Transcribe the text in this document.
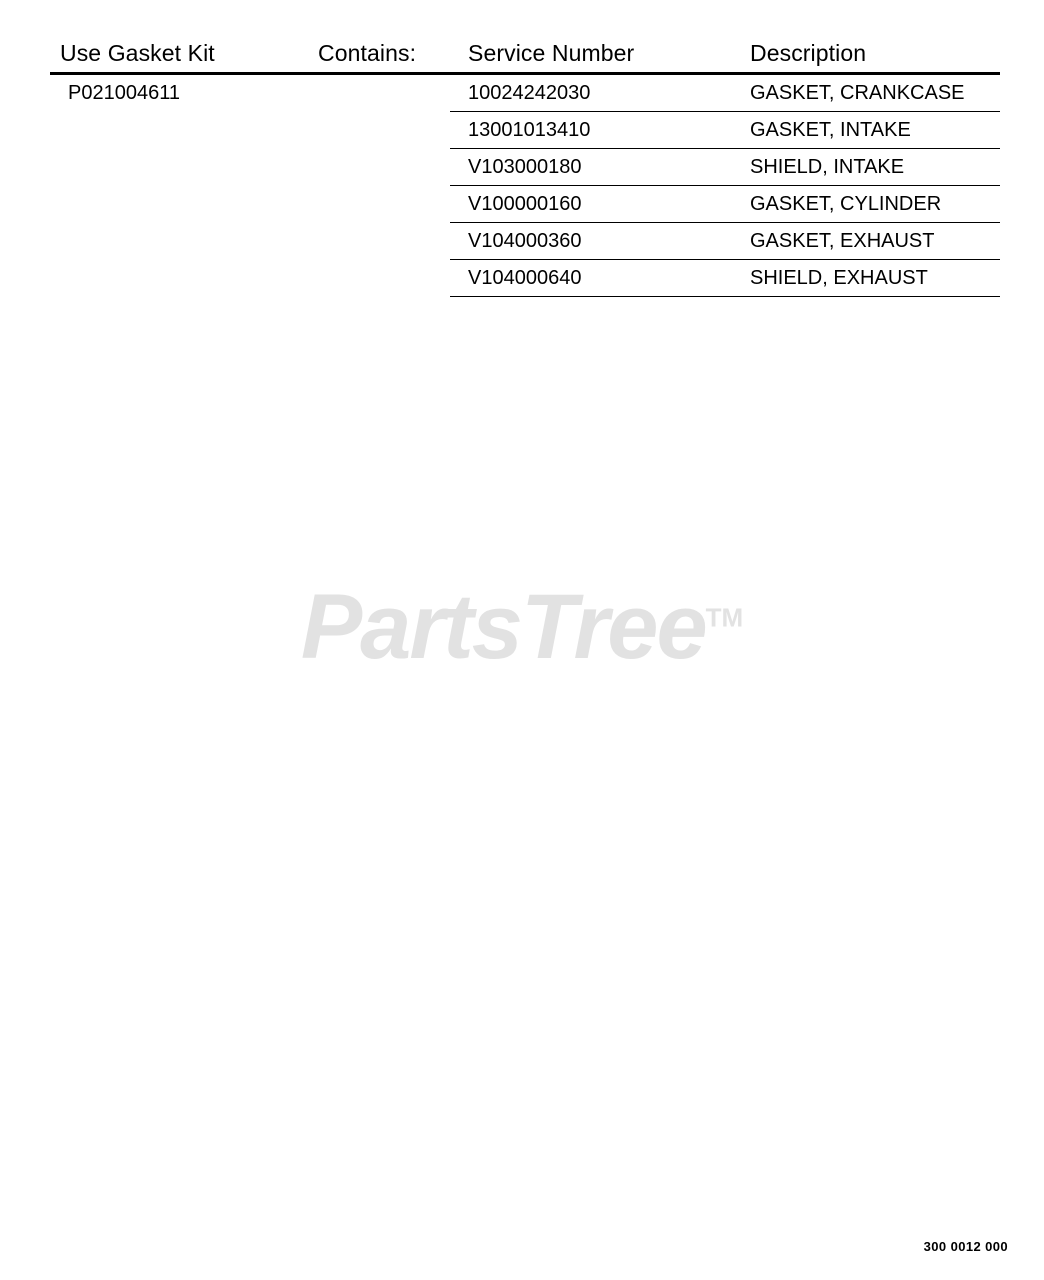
Use Gasket Kit	Contains:	Service Number	Description
P021004611		10024242030	GASKET, CRANKCASE
		13001013410	GASKET, INTAKE
		V103000180	SHIELD, INTAKE
		V100000160	GASKET, CYLINDER
		V104000360	GASKET, EXHAUST
		V104000640	SHIELD, EXHAUST
PartsTree™
300 0012 000
